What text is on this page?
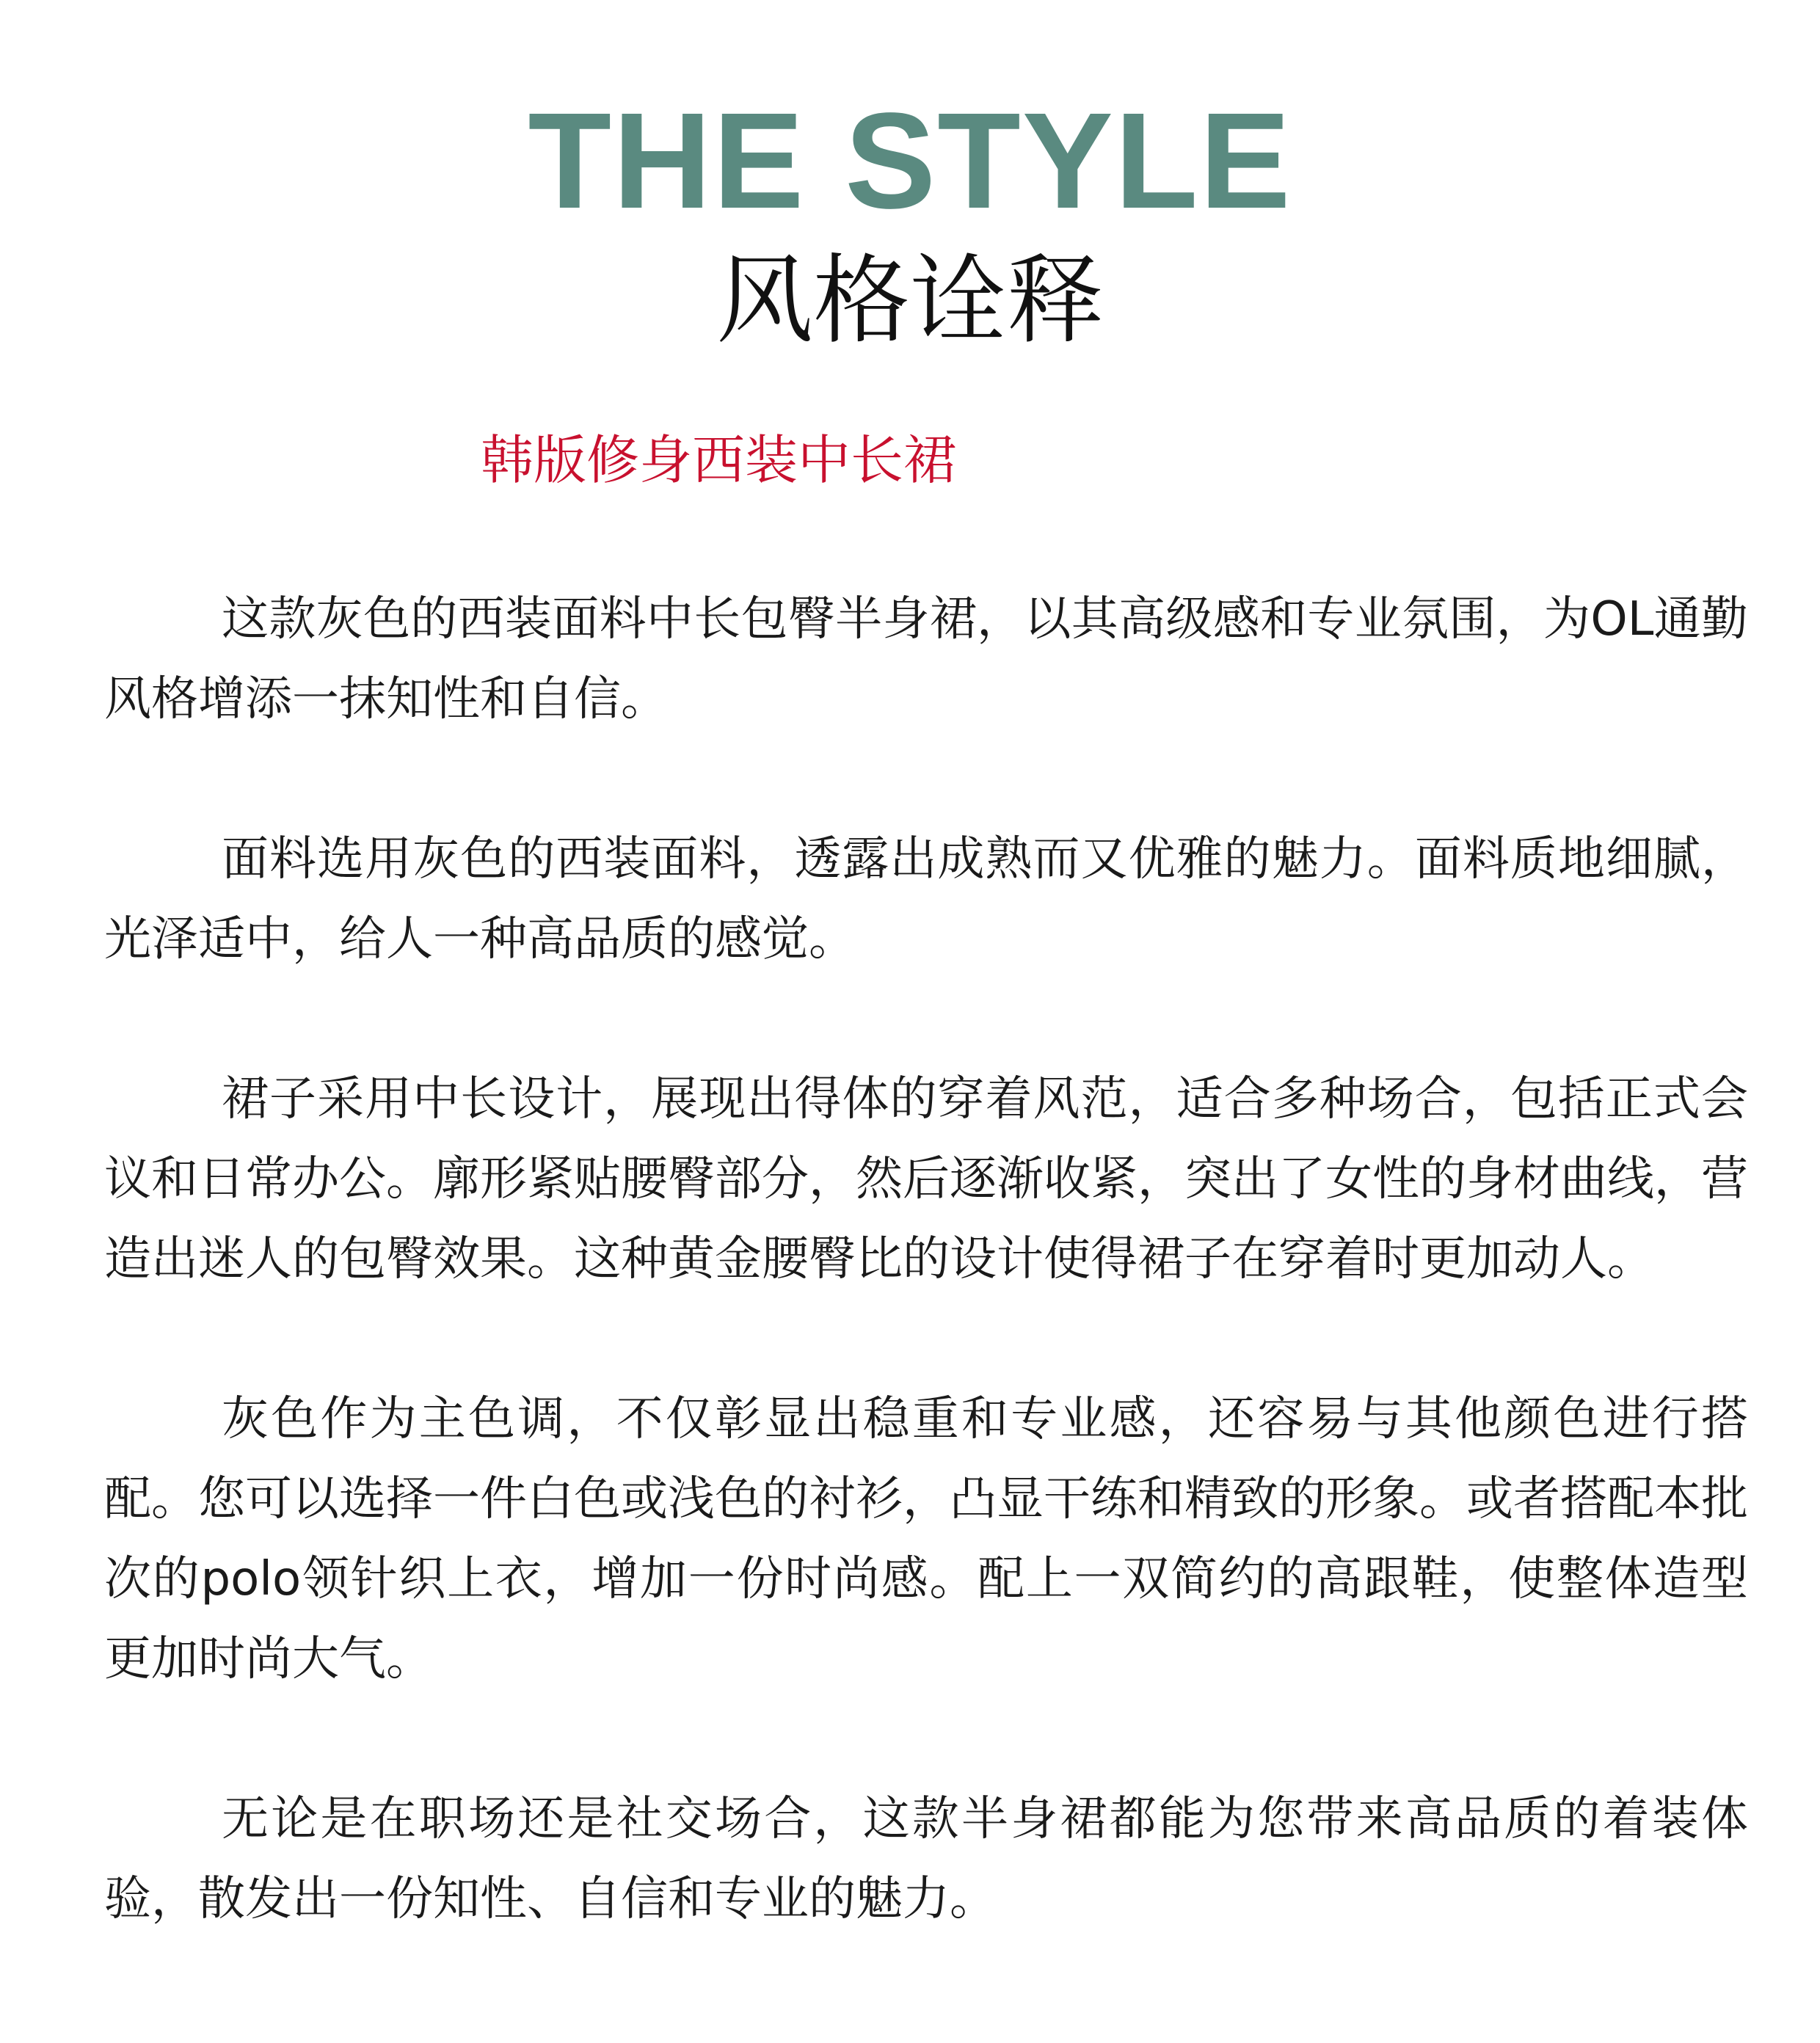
THE STYLE
风格诠释
韩版修身西装中长裙

这款灰色的西装面料中长包臀半身裙，以其高级感和专业氛围，为OL通勤风格增添一抹知性和自信。

面料选用灰色的西装面料，透露出成熟而又优雅的魅力。面料质地细腻，光泽适中，给人一种高品质的感觉。

裙子采用中长设计，展现出得体的穿着风范，适合多种场合，包括正式会议和日常办公。廓形紧贴腰臀部分，然后逐渐收紧，突出了女性的身材曲线，营造出迷人的包臀效果。这种黄金腰臀比的设计使得裙子在穿着时更加动人。

灰色作为主色调，不仅彰显出稳重和专业感，还容易与其他颜色进行搭配。您可以选择一件白色或浅色的衬衫，凸显干练和精致的形象。或者搭配本批次的polo领针织上衣，增加一份时尚感。配上一双简约的高跟鞋，使整体造型更加时尚大气。

无论是在职场还是社交场合，这款半身裙都能为您带来高品质的着装体验，散发出一份知性、自信和专业的魅力。
